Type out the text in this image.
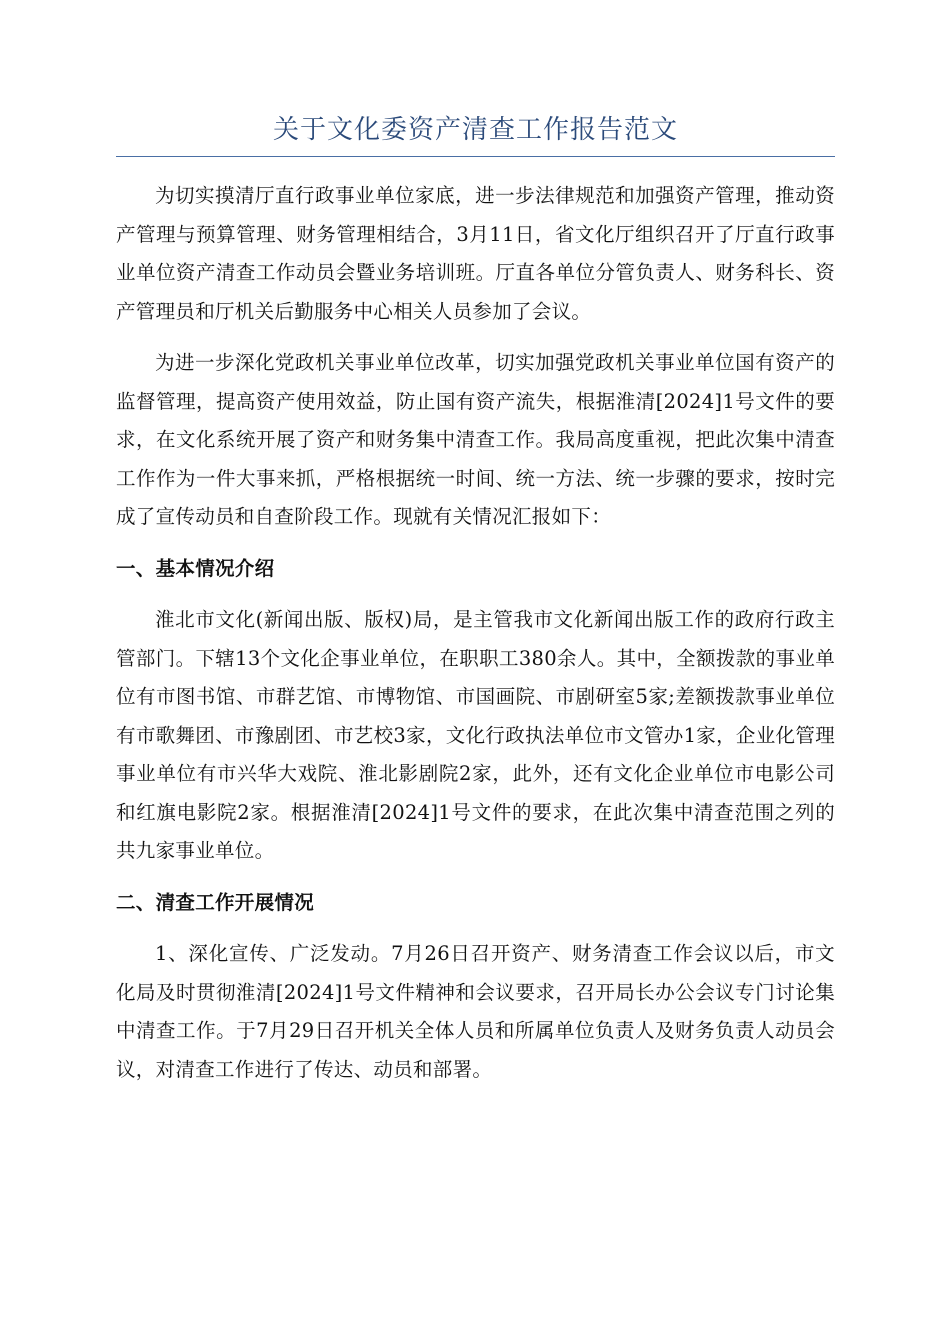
关于文化委资产清查工作报告范文

为切实摸清厅直行政事业单位家底，进一步法律规范和加强资产管理，推动资产管理与预算管理、财务管理相结合，3月11日，省文化厅组织召开了厅直行政事业单位资产清查工作动员会暨业务培训班。厅直各单位分管负责人、财务科长、资产管理员和厅机关后勤服务中心相关人员参加了会议。

为进一步深化党政机关事业单位改革，切实加强党政机关事业单位国有资产的监督管理，提高资产使用效益，防止国有资产流失，根据淮清[2024]1号文件的要求，在文化系统开展了资产和财务集中清查工作。我局高度重视，把此次集中清查工作作为一件大事来抓，严格根据统一时间、统一方法、统一步骤的要求，按时完成了宣传动员和自查阶段工作。现就有关情况汇报如下：

一、基本情况介绍

淮北市文化(新闻出版、版权)局，是主管我市文化新闻出版工作的政府行政主管部门。下辖13个文化企事业单位，在职职工380余人。其中，全额拨款的事业单位有市图书馆、市群艺馆、市博物馆、市国画院、市剧研室5家;差额拨款事业单位有市歌舞团、市豫剧团、市艺校3家，文化行政执法单位市文管办1家，企业化管理事业单位有市兴华大戏院、淮北影剧院2家，此外，还有文化企业单位市电影公司和红旗电影院2家。根据淮清[2024]1号文件的要求，在此次集中清查范围之列的共九家事业单位。

二、清查工作开展情况

1、深化宣传、广泛发动。7月26日召开资产、财务清查工作会议以后，市文化局及时贯彻淮清[2024]1号文件精神和会议要求，召开局长办公会议专门讨论集中清查工作。于7月29日召开机关全体人员和所属单位负责人及财务负责人动员会议，对清查工作进行了传达、动员和部署。
